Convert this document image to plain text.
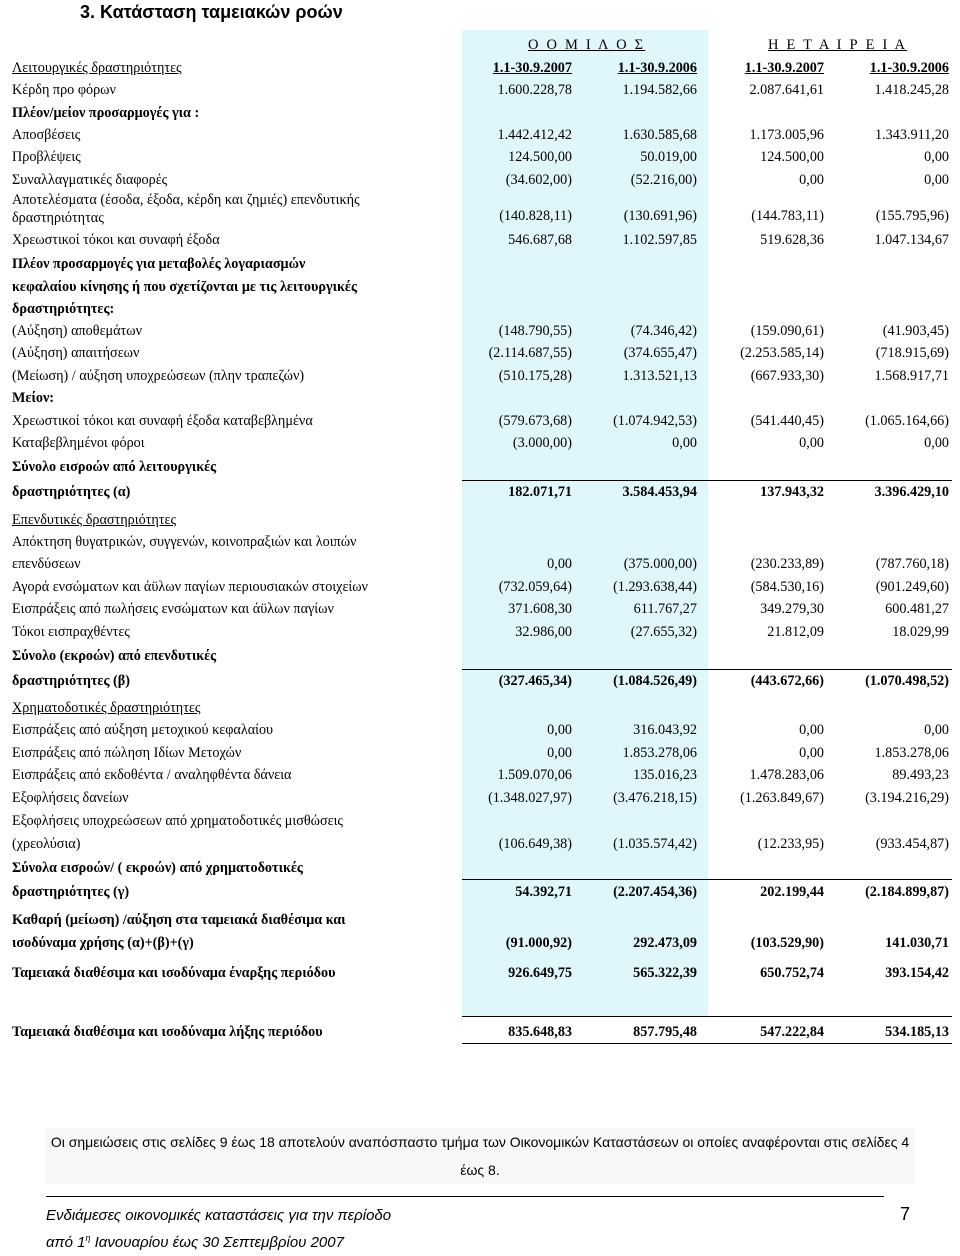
3. Κατάσταση ταμειακών ροών
Ο Ο Μ Ι Λ Ο Σ	Η Ε Τ Α Ι Ρ Ε Ι Α
Λειτουργικές δραστηριότητες	1.1-30.9.2007	1.1-30.9.2006	1.1-30.9.2007	1.1-30.9.2006
Κέρδη προ φόρων	1.600.228,78	1.194.582,66	2.087.641,61	1.418.245,28
Πλέον/μείον προσαρμογές για :
Αποσβέσεις	1.442.412,42	1.630.585,68	1.173.005,96	1.343.911,20
Προβλέψεις	124.500,00	50.019,00	124.500,00	0,00
Συναλλαγματικές διαφορές	(34.602,00)	(52.216,00)	0,00	0,00
Αποτελέσματα (έσοδα, έξοδα, κέρδη και ζημιές) επενδυτικής δραστηριότητας	(140.828,11)	(130.691,96)	(144.783,11)	(155.795,96)
Χρεωστικοί τόκοι και συναφή έξοδα	546.687,68	1.102.597,85	519.628,36	1.047.134,67
Πλέον προσαρμογές για μεταβολές λογαριασμών
κεφαλαίου κίνησης ή που σχετίζονται με τις λειτουργικές
δραστηριότητες:
(Αύξηση) αποθεμάτων	(148.790,55)	(74.346,42)	(159.090,61)	(41.903,45)
(Αύξηση) απαιτήσεων	(2.114.687,55)	(374.655,47)	(2.253.585,14)	(718.915,69)
(Μείωση) / αύξηση υποχρεώσεων (πλην τραπεζών)	(510.175,28)	1.313.521,13	(667.933,30)	1.568.917,71
Μείον:
Χρεωστικοί τόκοι και συναφή έξοδα καταβεβλημένα	(579.673,68)	(1.074.942,53)	(541.440,45)	(1.065.164,66)
Καταβεβλημένοι φόροι	(3.000,00)	0,00	0,00	0,00
Σύνολο εισροών από λειτουργικές
δραστηριότητες (α)	182.071,71	3.584.453,94	137.943,32	3.396.429,10
Επενδυτικές δραστηριότητες
Απόκτηση θυγατρικών, συγγενών, κοινοπραξιών και λοιπών
επενδύσεων	0,00	(375.000,00)	(230.233,89)	(787.760,18)
Αγορά ενσώματων και άϋλων παγίων περιουσιακών στοιχείων	(732.059,64)	(1.293.638,44)	(584.530,16)	(901.249,60)
Εισπράξεις από πωλήσεις ενσώματων και άϋλων παγίων	371.608,30	611.767,27	349.279,30	600.481,27
Τόκοι εισπραχθέντες	32.986,00	(27.655,32)	21.812,09	18.029,99
Σύνολο (εκροών) από επενδυτικές
δραστηριότητες (β)	(327.465,34)	(1.084.526,49)	(443.672,66)	(1.070.498,52)
Χρηματοδοτικές δραστηριότητες
Εισπράξεις από αύξηση μετοχικού κεφαλαίου	0,00	316.043,92	0,00	0,00
Εισπράξεις από πώληση Ιδίων Μετοχών	0,00	1.853.278,06	0,00	1.853.278,06
Εισπράξεις από εκδοθέντα / αναληφθέντα δάνεια	1.509.070,06	135.016,23	1.478.283,06	89.493,23
Εξοφλήσεις δανείων	(1.348.027,97)	(3.476.218,15)	(1.263.849,67)	(3.194.216,29)
Εξοφλήσεις υποχρεώσεων από χρηματοδοτικές μισθώσεις
(χρεολύσια)	(106.649,38)	(1.035.574,42)	(12.233,95)	(933.454,87)
Σύνολα εισροών/ ( εκροών) από χρηματοδοτικές
δραστηριότητες (γ)	54.392,71	(2.207.454,36)	202.199,44	(2.184.899,87)
Καθαρή (μείωση) /αύξηση στα ταμειακά διαθέσιμα και
ισοδύναμα χρήσης (α)+(β)+(γ)	(91.000,92)	292.473,09	(103.529,90)	141.030,71
Ταμειακά διαθέσιμα και ισοδύναμα έναρξης περιόδου	926.649,75	565.322,39	650.752,74	393.154,42
Ταμειακά διαθέσιμα και ισοδύναμα λήξης περιόδου	835.648,83	857.795,48	547.222,84	534.185,13
Οι σημειώσεις στις σελίδες 9 έως 18 αποτελούν αναπόσπαστο τμήμα των Οικονομικών Καταστάσεων οι οποίες αναφέρονται στις σελίδες 4 έως 8.
Ενδιάμεσες οικονομικές καταστάσεις για την περίοδο
από $1^\eta$ Ιανουαρίου έως 30 Σεπτεμβρίου 2007
7
